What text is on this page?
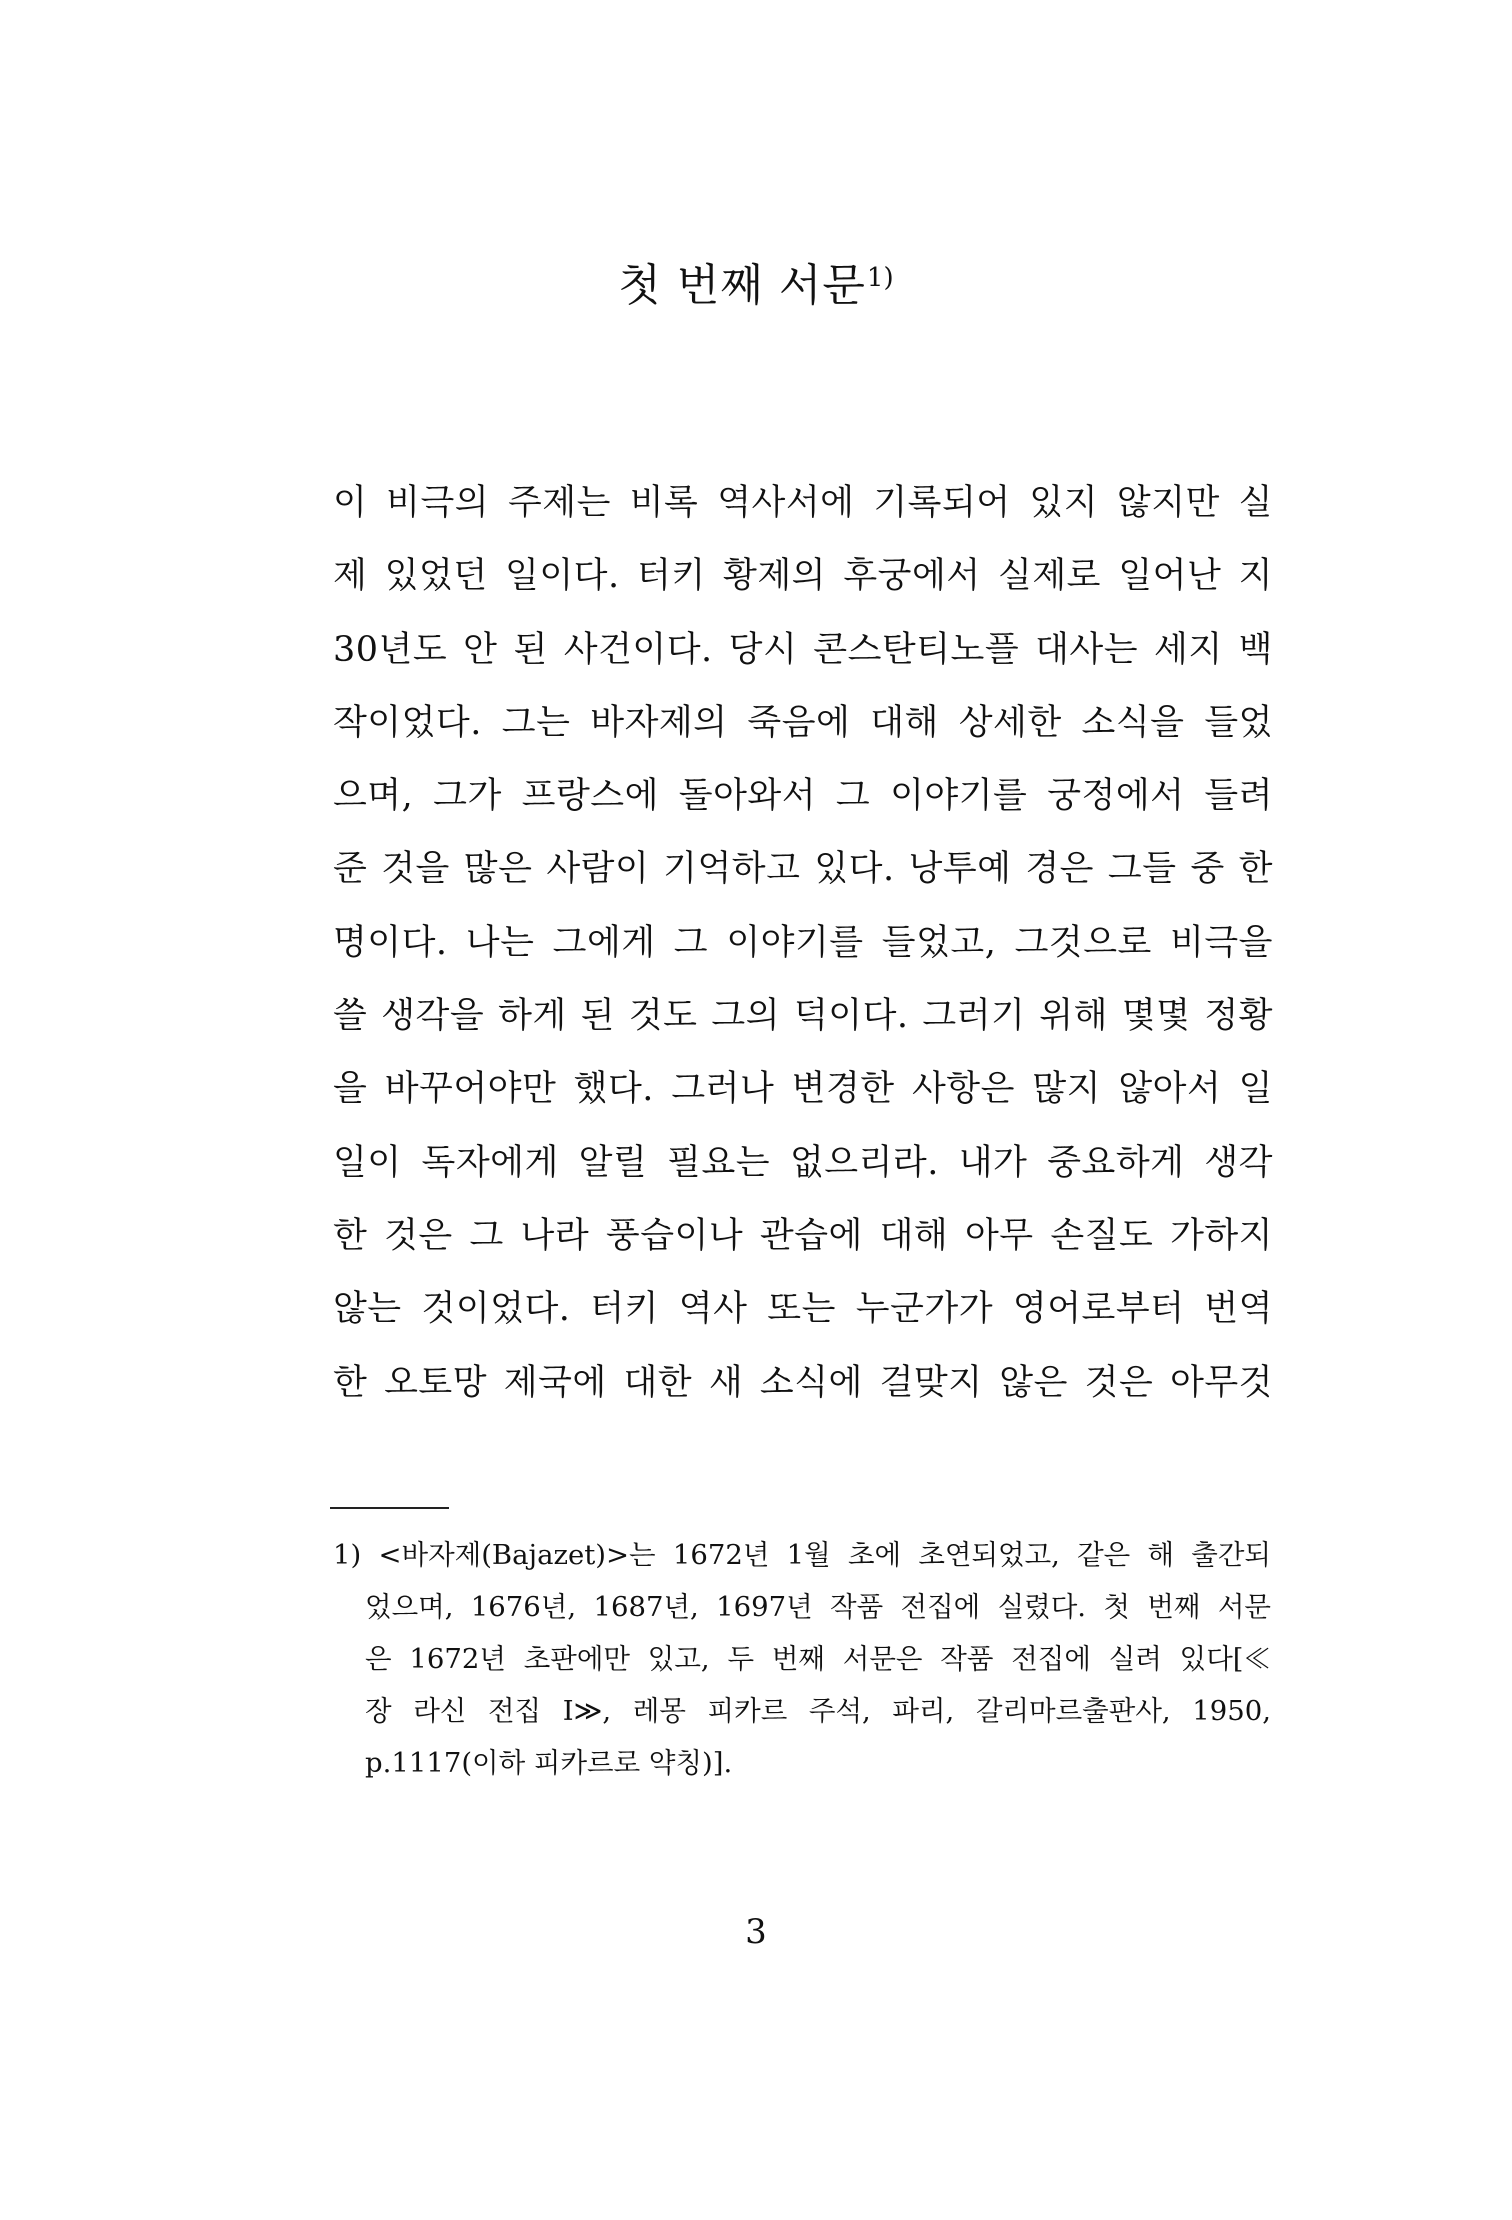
첫 번째 서문$^{1)}$
이 비극의 주제는 비록 역사서에 기록되어 있지 않지만 실
제 있었던 일이다. 터키 황제의 후궁에서 실제로 일어난 지
30년도 안 된 사건이다. 당시 콘스탄티노플 대사는 세지 백
작이었다. 그는 바자제의 죽음에 대해 상세한 소식을 들었
으며, 그가 프랑스에 돌아와서 그 이야기를 궁정에서 들려
준 것을 많은 사람이 기억하고 있다. 낭투예 경은 그들 중 한
명이다. 나는 그에게 그 이야기를 들었고, 그것으로 비극을
쓸 생각을 하게 된 것도 그의 덕이다. 그러기 위해 몇몇 정황
을 바꾸어야만 했다. 그러나 변경한 사항은 많지 않아서 일
일이 독자에게 알릴 필요는 없으리라. 내가 중요하게 생각
한 것은 그 나라 풍습이나 관습에 대해 아무 손질도 가하지
않는 것이었다. 터키 역사 또는 누군가가 영어로부터 번역
한 오토망 제국에 대한 새 소식에 걸맞지 않은 것은 아무것
1) <바자제(Bajazet)>는 1672년 1월 초에 초연되었고, 같은 해 출간되
었으며, 1676년, 1687년, 1697년 작품 전집에 실렸다. 첫 번째 서문
은 1672년 초판에만 있고, 두 번째 서문은 작품 전집에 실려 있다[≪
장 라신 전집 I≫, 레몽 피카르 주석, 파리, 갈리마르출판사, 1950,
p.1117(이하 피카르로 약칭)].
3
